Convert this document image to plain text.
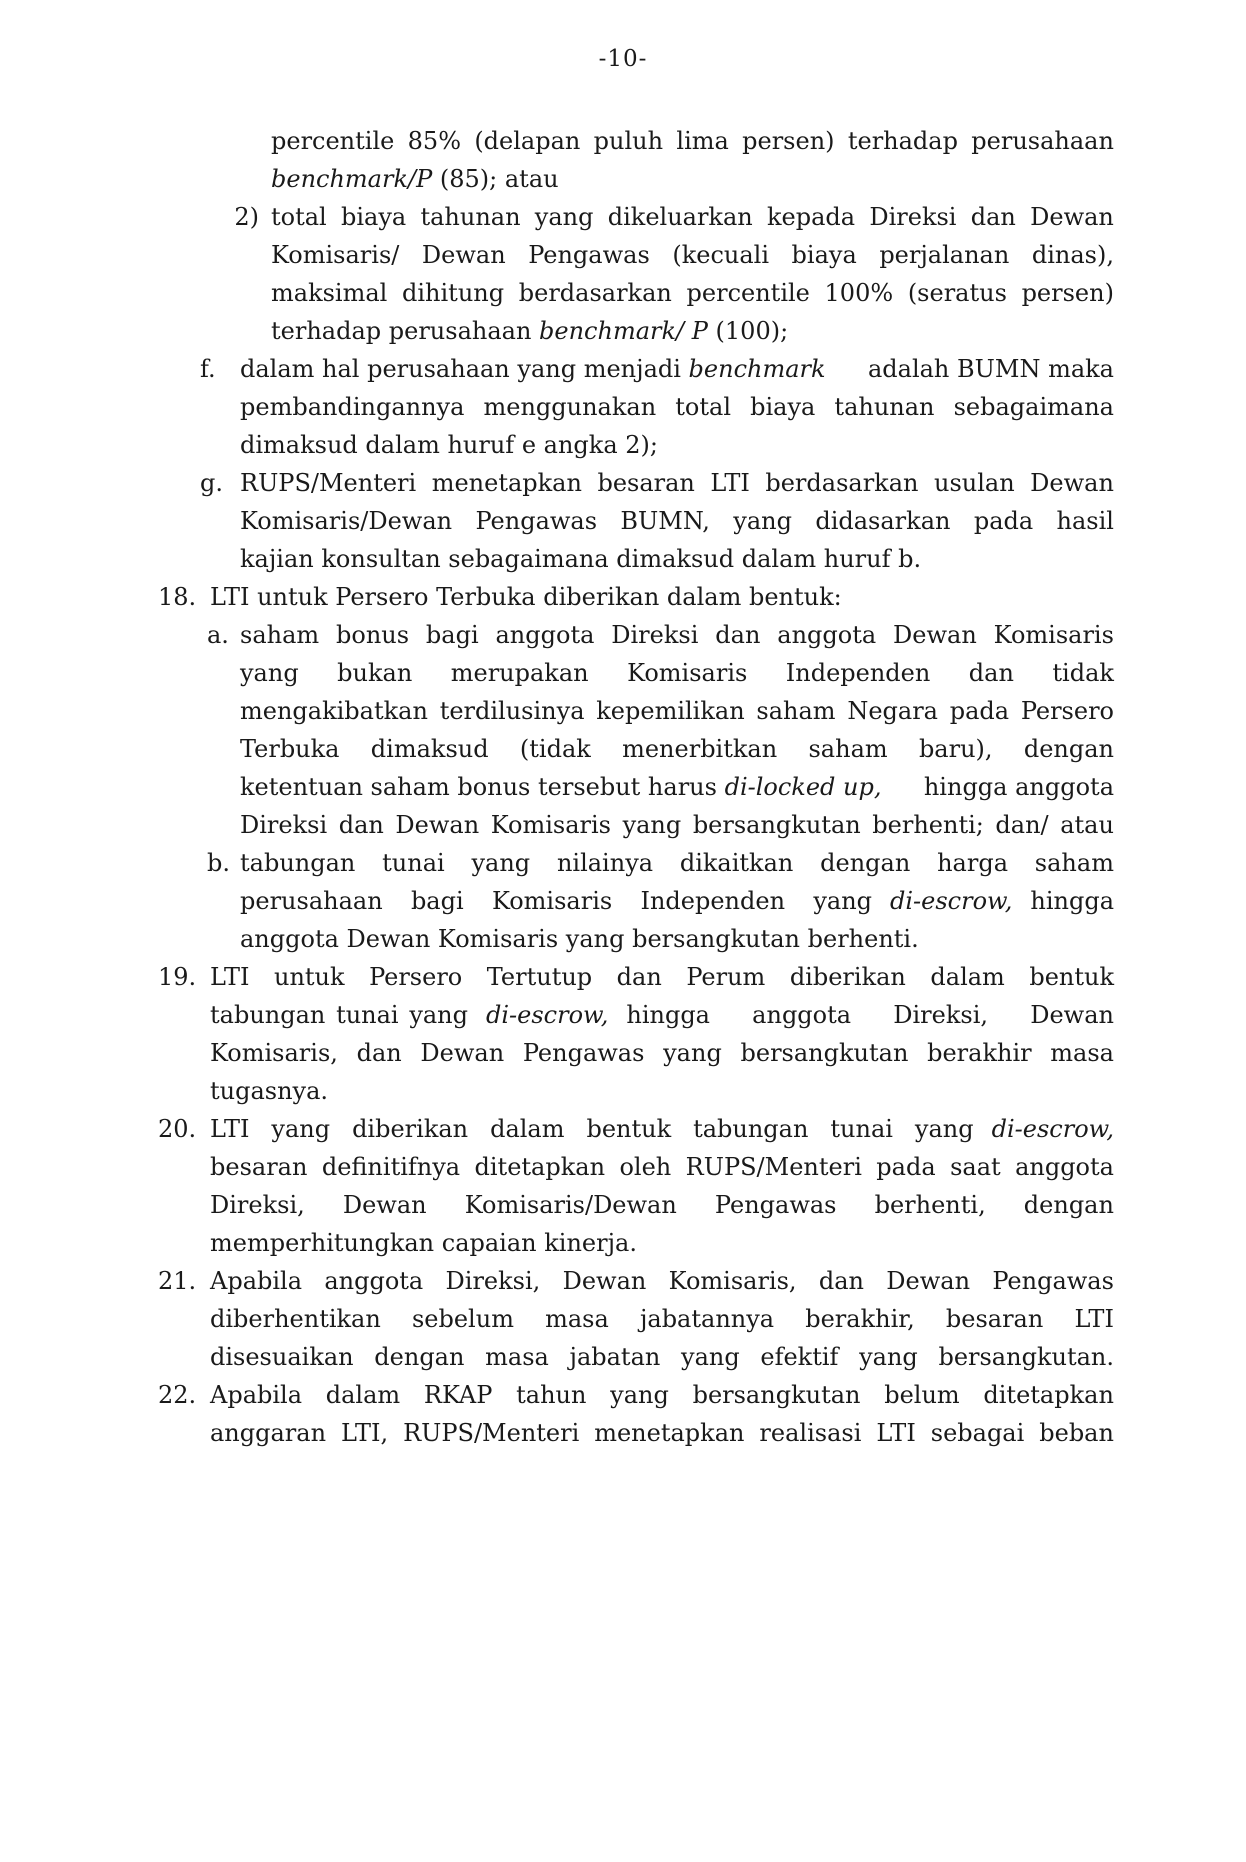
-10-
percentile 85% (delapan puluh lima persen) terhadap perusahaan
benchmark/P (85); atau
2) total biaya tahunan yang dikeluarkan kepada Direksi dan Dewan
Komisaris/ Dewan Pengawas (kecuali biaya perjalanan dinas),
maksimal dihitung berdasarkan percentile 100% (seratus persen)
terhadap perusahaan benchmark/ P (100);
f.	dalam hal perusahaan yang menjadi benchmark adalah BUMN maka
pembandingannya menggunakan total biaya tahunan sebagaimana
dimaksud dalam huruf e angka 2);
g. RUPS/Menteri menetapkan besaran LTI berdasarkan usulan Dewan
Komisaris/Dewan Pengawas BUMN, yang didasarkan pada hasil
kajian konsultan sebagaimana dimaksud dalam huruf b.
18. LTI untuk Persero Terbuka diberikan dalam bentuk:
a. saham bonus bagi anggota Direksi dan anggota Dewan Komisaris
yang bukan merupakan Komisaris Independen dan tidak
mengakibatkan terdilusinya kepemilikan saham Negara pada Persero
Terbuka dimaksud (tidak menerbitkan saham baru), dengan
ketentuan saham bonus tersebut harus di-locked up, hingga anggota
Direksi dan Dewan Komisaris yang bersangkutan berhenti; dan/ atau
b. tabungan tunai yang nilainya dikaitkan dengan harga saham
perusahaan bagi Komisaris Independen yang di-escrow, hingga
anggota Dewan Komisaris yang bersangkutan berhenti.
19. LTI untuk Persero Tertutup dan Perum diberikan dalam bentuk
tabungan tunai yang di-escrow, hingga anggota Direksi, Dewan
Komisaris, dan Dewan Pengawas yang bersangkutan berakhir masa
tugasnya.
20. LTI yang diberikan dalam bentuk tabungan tunai yang di-escrow,
besaran definitifnya ditetapkan oleh RUPS/Menteri pada saat anggota
Direksi, Dewan Komisaris/Dewan Pengawas berhenti, dengan
memperhitungkan capaian kinerja.
21. Apabila anggota Direksi, Dewan Komisaris, dan Dewan Pengawas
diberhentikan sebelum masa jabatannya berakhir, besaran LTI
disesuaikan dengan masa jabatan yang efektif yang bersangkutan.
22. Apabila dalam RKAP tahun yang bersangkutan belum ditetapkan
anggaran LTI, RUPS/Menteri menetapkan realisasi LTI sebagai beban
